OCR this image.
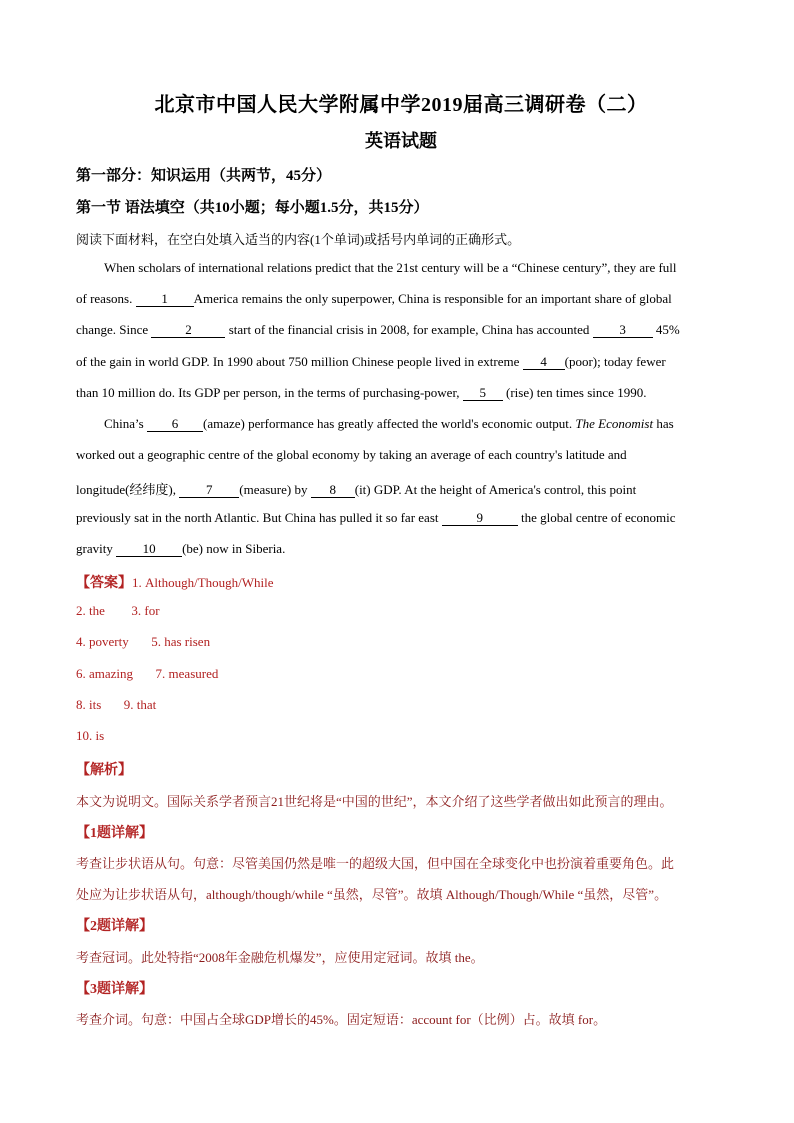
北京市中国人民大学附属中学2019届高三调研卷（二）
英语试题
第一部分：知识运用（共两节，45分）
第一节 语法填空（共10小题；每小题1.5分，共15分）
阅读下面材料，在空白处填入适当的内容(1个单词)或括号内单词的正确形式。
When scholars of international relations predict that the 21st century will be a “Chinese century”, they are full
of reasons. 1 America remains the only superpower, China is responsible for an important share of global
change. Since	2	start of the financial crisis in 2008, for example, China has accounted 3 45%
of the gain in world GDP. In 1990 about 750 million Chinese people lived in extreme 4 (poor); today fewer
than 10 million do. Its GDP per person, in the terms of purchasing-power, 5 (rise) ten times since 1990.
China’s 6 (amaze) performance has greatly affected the world's economic output. The Economist has
worked out a geographic centre of the global economy by taking an average of each country's latitude and
longitude(经纬度), 7 (measure) by 8 (it) GDP. At the height of America's control, this point
previously sat in the north Atlantic. But China has pulled it so far east	9	the global centre of economic
gravity 10 (be) now in Siberia.
【答案】1. Although/Though/While
2. the 3. for
4. poverty 5. has risen
6. amazing 7. measured
8. its 9. that
10. is
【解析】
本文为说明文。国际关系学者预言21世纪将是“中国的世纪”，本文介绍了这些学者做出如此预言的理由。
【1题详解】
考查让步状语从句。句意：尽管美国仍然是唯一的超级大国，但中国在全球变化中也扮演着重要角色。此
处应为让步状语从句，although/though/while “虽然，尽管”。故填 Although/Though/While “虽然，尽管”。
【2题详解】
考查冠词。此处特指“2008年金融危机爆发”，应使用定冠词。故填 the。
【3题详解】
考查介词。句意：中国占全球GDP增长的45%。固定短语：account for（比例）占。故填 for。
